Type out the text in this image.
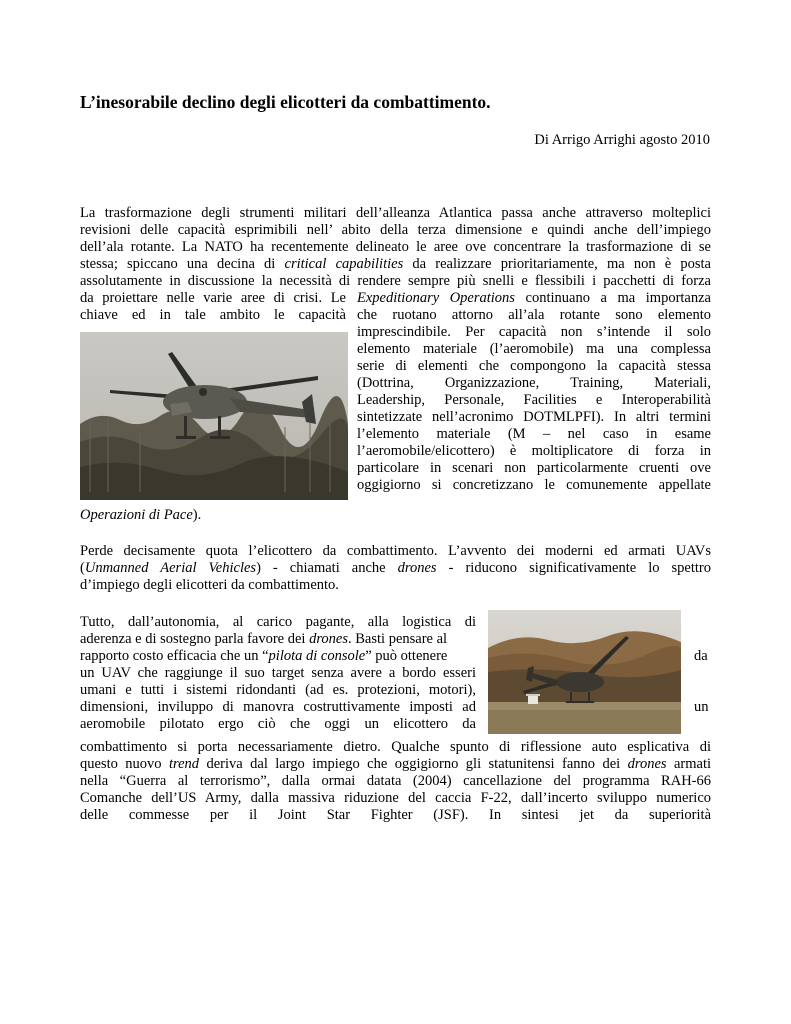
L’inesorabile declino degli elicotteri da combattimento.
Di Arrigo Arrighi agosto 2010
La trasformazione degli strumenti militari dell’alleanza Atlantica passa anche attraverso molteplici
revisioni delle capacità esprimibili nell’ abito della terza dimensione e quindi anche dell’impiego
dell’ala rotante. La NATO ha recentemente delineato le aree ove concentrare la trasformazione di se
stessa; spiccano una decina di critical capabilities da realizzare prioritariamente, ma non è posta
assolutamente in discussione la necessità di rendere sempre più snelli e flessibili i pacchetti di forza
da proiettare nelle varie aree di crisi. Le
chiave ed in tale ambito le capacità
Expeditionary Operations continuano a ma importanza
che ruotano attorno all’ala rotante sono elemento
imprescindibile. Per capacità non s’intende il solo
elemento materiale (l’aeromobile) ma una complessa
serie di elementi che compongono la capacità stessa
(Dottrina, Organizzazione, Training, Materiali,
Leadership, Personale, Facilities e Interoperabilità
sintetizzate nell’acronimo DOTMLPFI). In altri termini
l’elemento materiale (M – nel caso in esame
l’aeromobile/elicottero) è moltiplicatore di forza in
particolare in scenari non particolarmente cruenti ove
oggigiorno si concretizzano le comunemente appellate
Operazioni di Pace).
Perde decisamente quota l’elicottero da combattimento. L’avvento dei moderni ed armati UAVs
(Unmanned Aerial Vehicles) - chiamati anche drones - riducono significativamente lo spettro
d’impiego degli elicotteri da combattimento.
Tutto, dall’autonomia, al carico pagante, alla logistica di
aderenza e di sostegno parla favore dei drones. Basti pensare al
rapporto costo efficacia che un “pilota di console” può ottenere	da
un UAV che raggiunge il suo target senza avere a bordo esseri
umani e tutti i sistemi ridondanti (ad es. protezioni, motori),
dimensioni, inviluppo di manovra costruttivamente imposti ad	un
aeromobile pilotato ergo ciò che oggi un elicottero da
combattimento si porta necessariamente dietro. Qualche spunto di riflessione auto esplicativa di
questo nuovo trend deriva dal largo impiego che oggigiorno gli statunitensi fanno dei drones armati
nella “Guerra al terrorismo”, dalla ormai datata (2004) cancellazione del programma RAH-66
Comanche dell’US Army, dalla massiva riduzione del caccia F-22, dall’incerto sviluppo numerico
delle commesse per il Joint Star Fighter (JSF). In sintesi jet da superiorità
